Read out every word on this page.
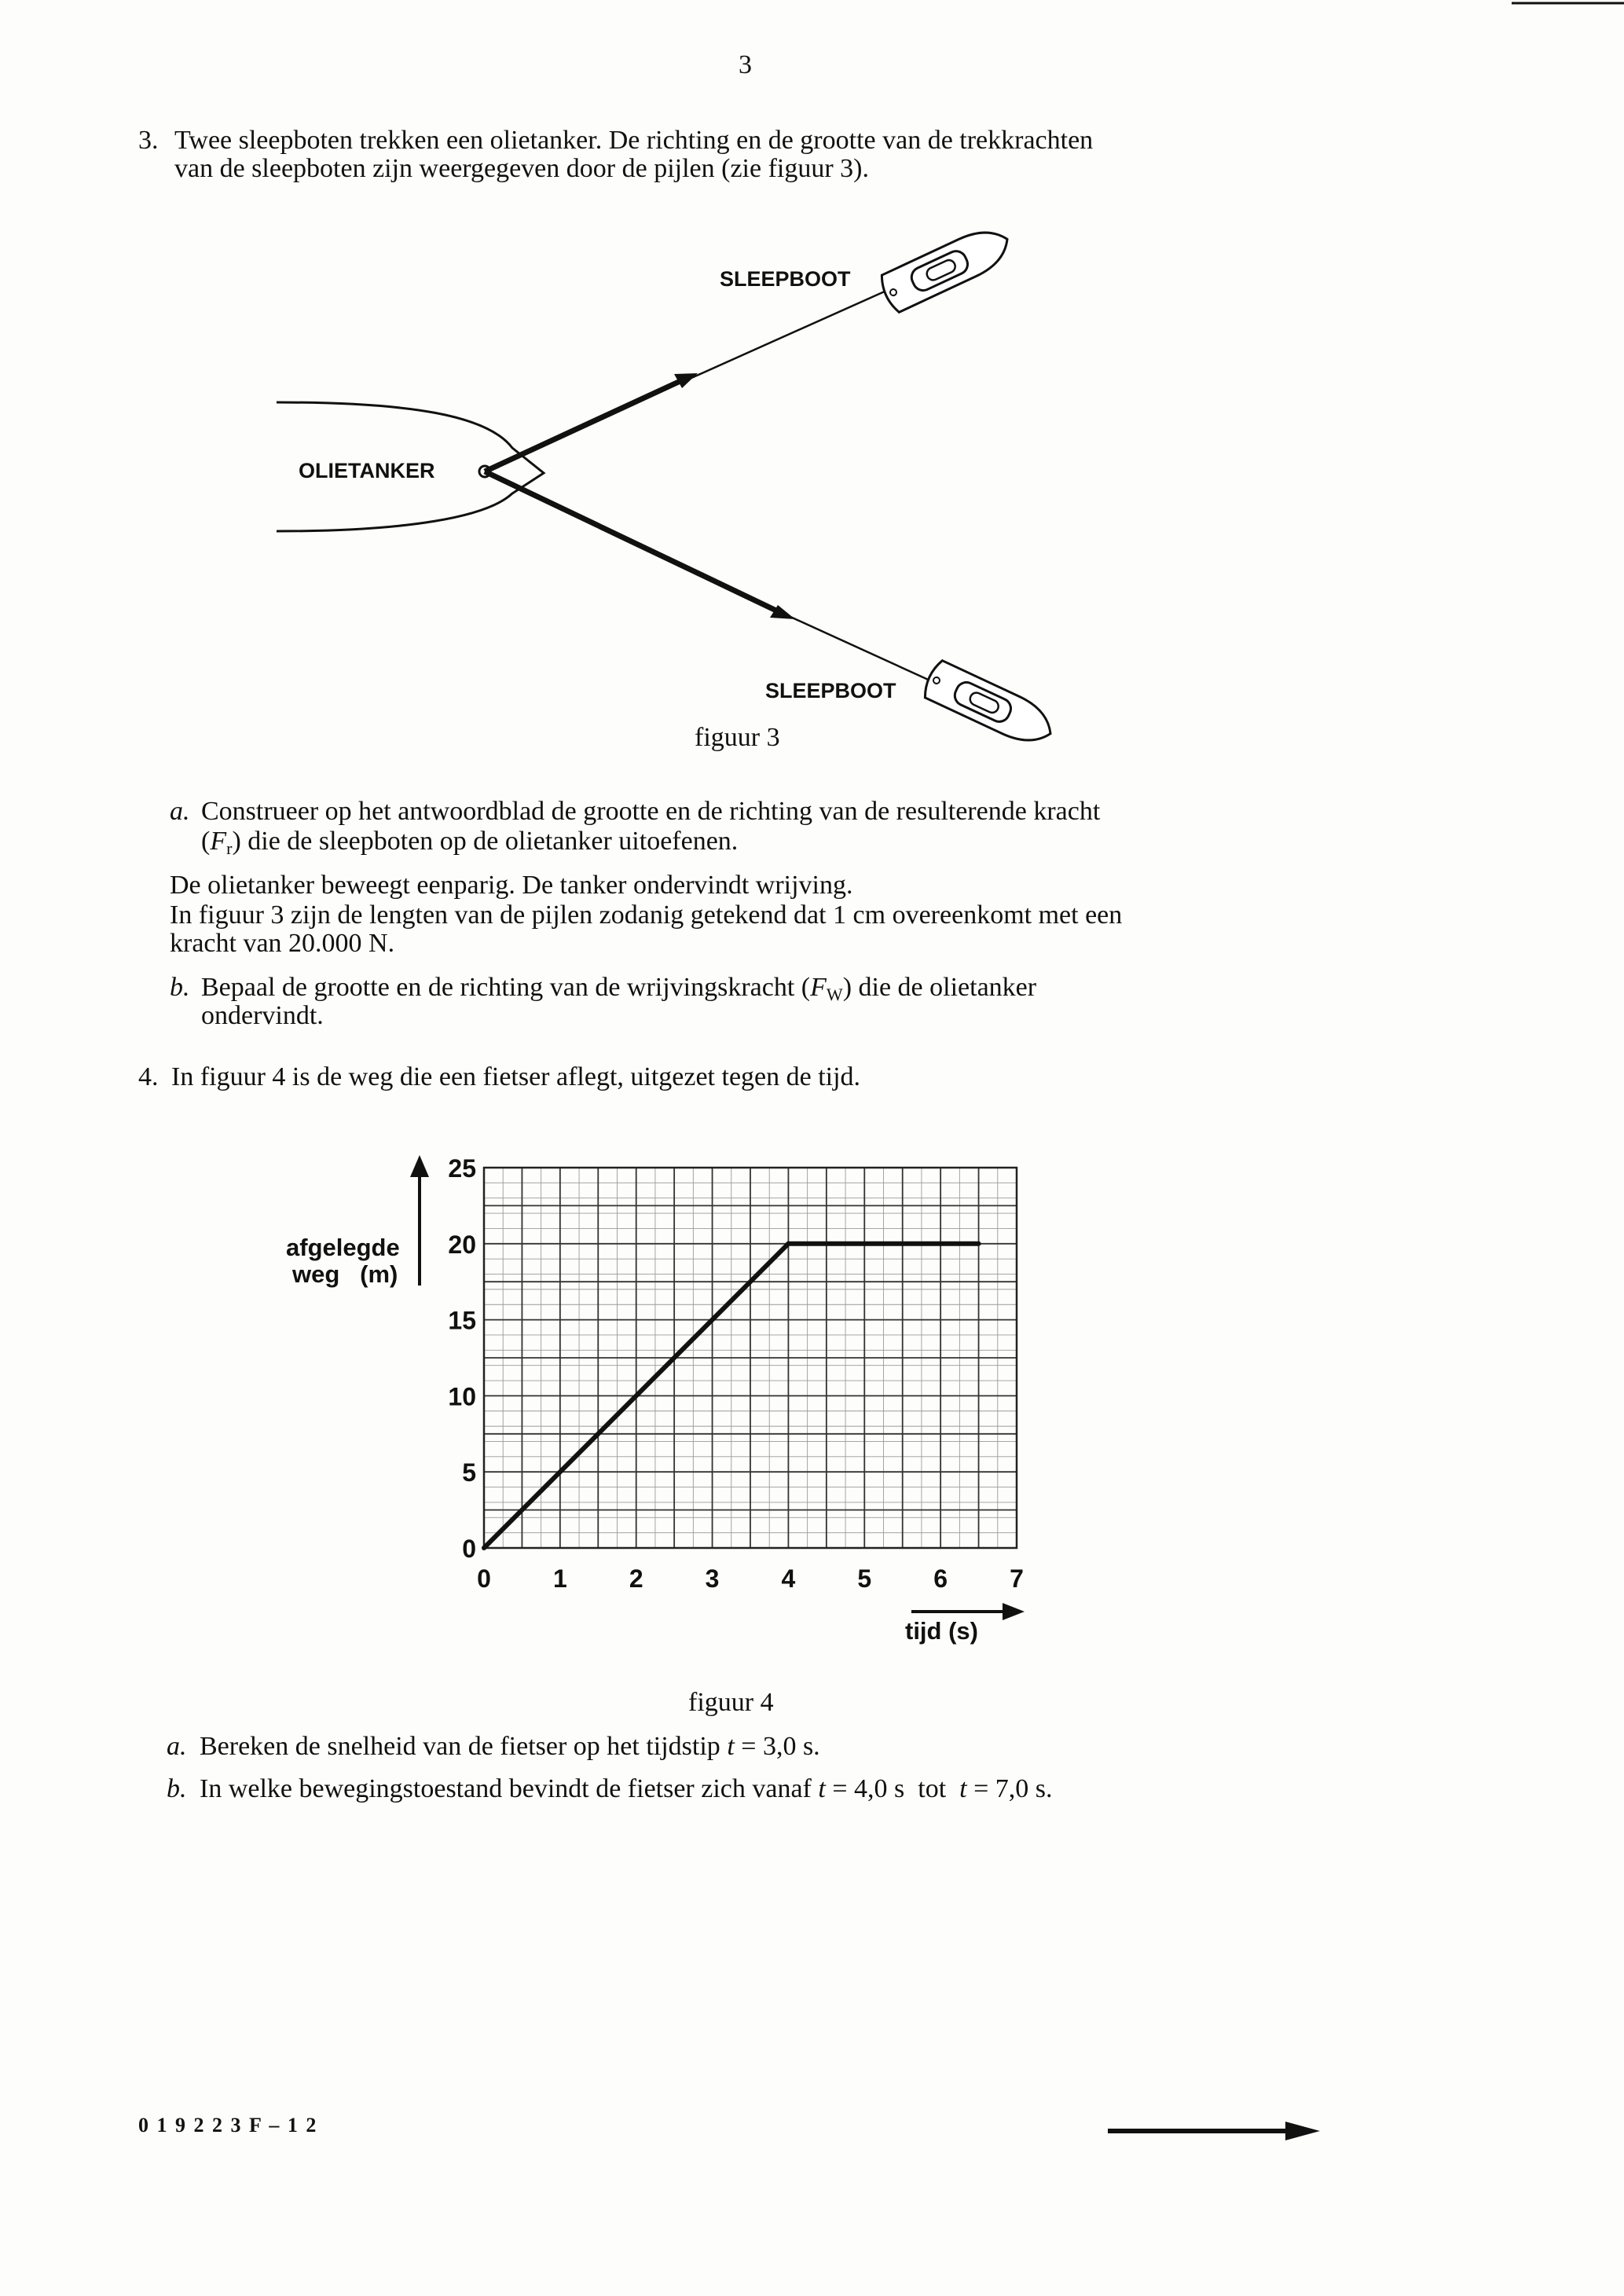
3
3. Twee sleepboten trekken een olietanker. De richting en de grootte van de trekkrachten
van de sleepboten zijn weergegeven door de pijlen (zie figuur 3).
SLEEPBOOT
OLIETANKER
SLEEPBOOT
figuur 3
a. Construeer op het antwoordblad de grootte en de richting van de resulterende kracht
$(F_r)$ die de sleepboten op de olietanker uitoefenen.
De olietanker beweegt eenparig. De tanker ondervindt wrijving.
In figuur 3 zijn de lengten van de pijlen zodanig getekend dat 1 cm overeenkomt met een
kracht van 20.000 N.
b. Bepaal de grootte en de richting van de wrijvingskracht $(F_W)$ die de olietanker
ondervindt.
4. In figuur 4 is de weg die een fietser aflegt, uitgezet tegen de tijd.
0 1 2 3 4 5 6 7
0
5
10
15
20
25
afgelegde
weg   (m)
tijd (s)
figuur 4
a. Bereken de snelheid van de fietser op het tijdstip t = 3,0 s.
b. In welke bewegingstoestand bevindt de fietser zich vanaf t = 4,0 s  tot  t = 7,0 s.
0 1 9 2 2 3 F – 1 2
